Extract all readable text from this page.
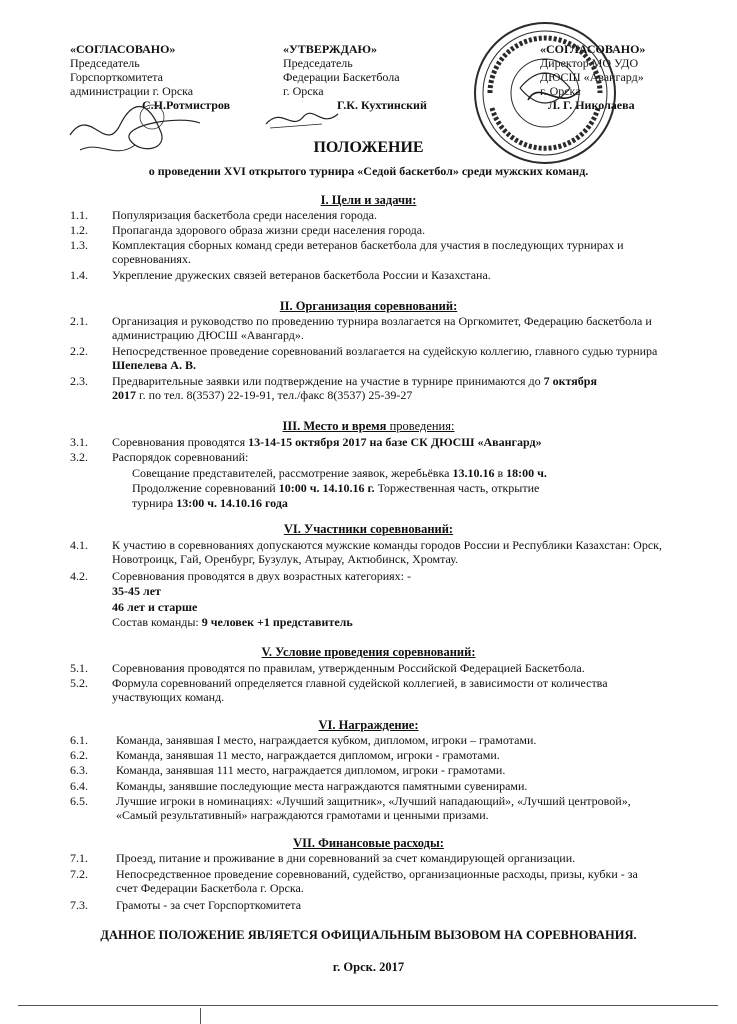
«СОГЛАСОВАНО»
Председатель
Горспорткомитета
администрации г. Орска
С.Н.Ротмистров
«УТВЕРЖДАЮ»
Председатель
Федерации Баскетбола
г. Орска
Г.К. Кухтинский
«СОГЛАСОВАНО»
Директор МО УДО
ДЮСШ «Авангард»
г. Орска
Л. Г. Николаева
ПОЛОЖЕНИЕ
о проведении XVI открытого турнира «Седой баскетбол» среди мужских команд.
I. Цели и задачи:
1.1.	Популяризация баскетбола среди населения города.
1.2.	Пропаганда здорового образа жизни среди населения города.
1.3.	Комплектация сборных команд среди ветеранов баскетбола для участия в последующих турнирах и соревнованиях.
1.4.	Укрепление дружеских связей ветеранов баскетбола России и Казахстана.
II. Организация соревнований:
2.1.	Организация и руководство по проведению турнира возлагается на Оргкомитет, Федерацию баскетбола и администрацию ДЮСШ «Авангард».
2.2.	Непосредственное проведение соревнований возлагается на судейскую коллегию, главного судью турнира Шепелева А. В.
2.3.	Предварительные заявки или подтверждение на участие в турнире принимаются до 7 октября
2017 г. по тел. 8(3537) 22-19-91, тел./факс 8(3537) 25-39-27
III. Место и время проведения:
3.1.	Соревнования проводятся 13-14-15 октября 2017 на базе СК ДЮСШ «Авангард»
3.2.	Распорядок соревнований:
Совещание представителей, рассмотрение заявок, жеребьёвка 13.10.16 в 18:00 ч.
Продолжение соревнований 10:00 ч. 14.10.16 г. Торжественная часть, открытие
турнира 13:00 ч. 14.10.16 года
VI. Участники соревнований:
4.1.	К участию в соревнованиях допускаются мужские команды городов России и Республики Казахстан: Орск, Новотроицк, Гай, Оренбург, Бузулук, Атырау, Актюбинск, Хромтау.
4.2.	Соревнования проводятся в двух возрастных категориях: -
35-45 лет
46 лет и старше
Состав команды: 9 человек +1 представитель
V. Условие проведения соревнований:
5.1.	Соревнования проводятся по правилам, утвержденным Российской Федерацией Баскетбола.
5.2.	Формула соревнований определяется главной судейской коллегией, в зависимости от количества участвующих команд.
VI. Награждение:
6.1.	Команда, занявшая I место, награждается кубком, дипломом, игроки – грамотами.
6.2.	Команда, занявшая 11 место, награждается дипломом, игроки - грамотами.
6.3.	Команда, занявшая 111 место, награждается дипломом, игроки - грамотами.
6.4.	Команды, занявшие последующие места награждаются памятными сувенирами.
6.5.	Лучшие игроки в номинациях: «Лучший защитник», «Лучший нападающий», «Лучший центровой», «Самый результативный» награждаются грамотами и ценными призами.
VII. Финансовые расходы:
7.1.	Проезд, питание и проживание в дни соревнований за счет командирующей организации.
7.2.	Непосредственное проведение соревнований, судейство, организационные расходы, призы, кубки - за счет Федерации Баскетбола г. Орска.
7.3.	Грамоты - за счет Горспорткомитета
ДАННОЕ ПОЛОЖЕНИЕ ЯВЛЯЕТСЯ ОФИЦИАЛЬНЫМ ВЫЗОВОМ НА СОРЕВНОВАНИЯ.
г. Орск. 2017
